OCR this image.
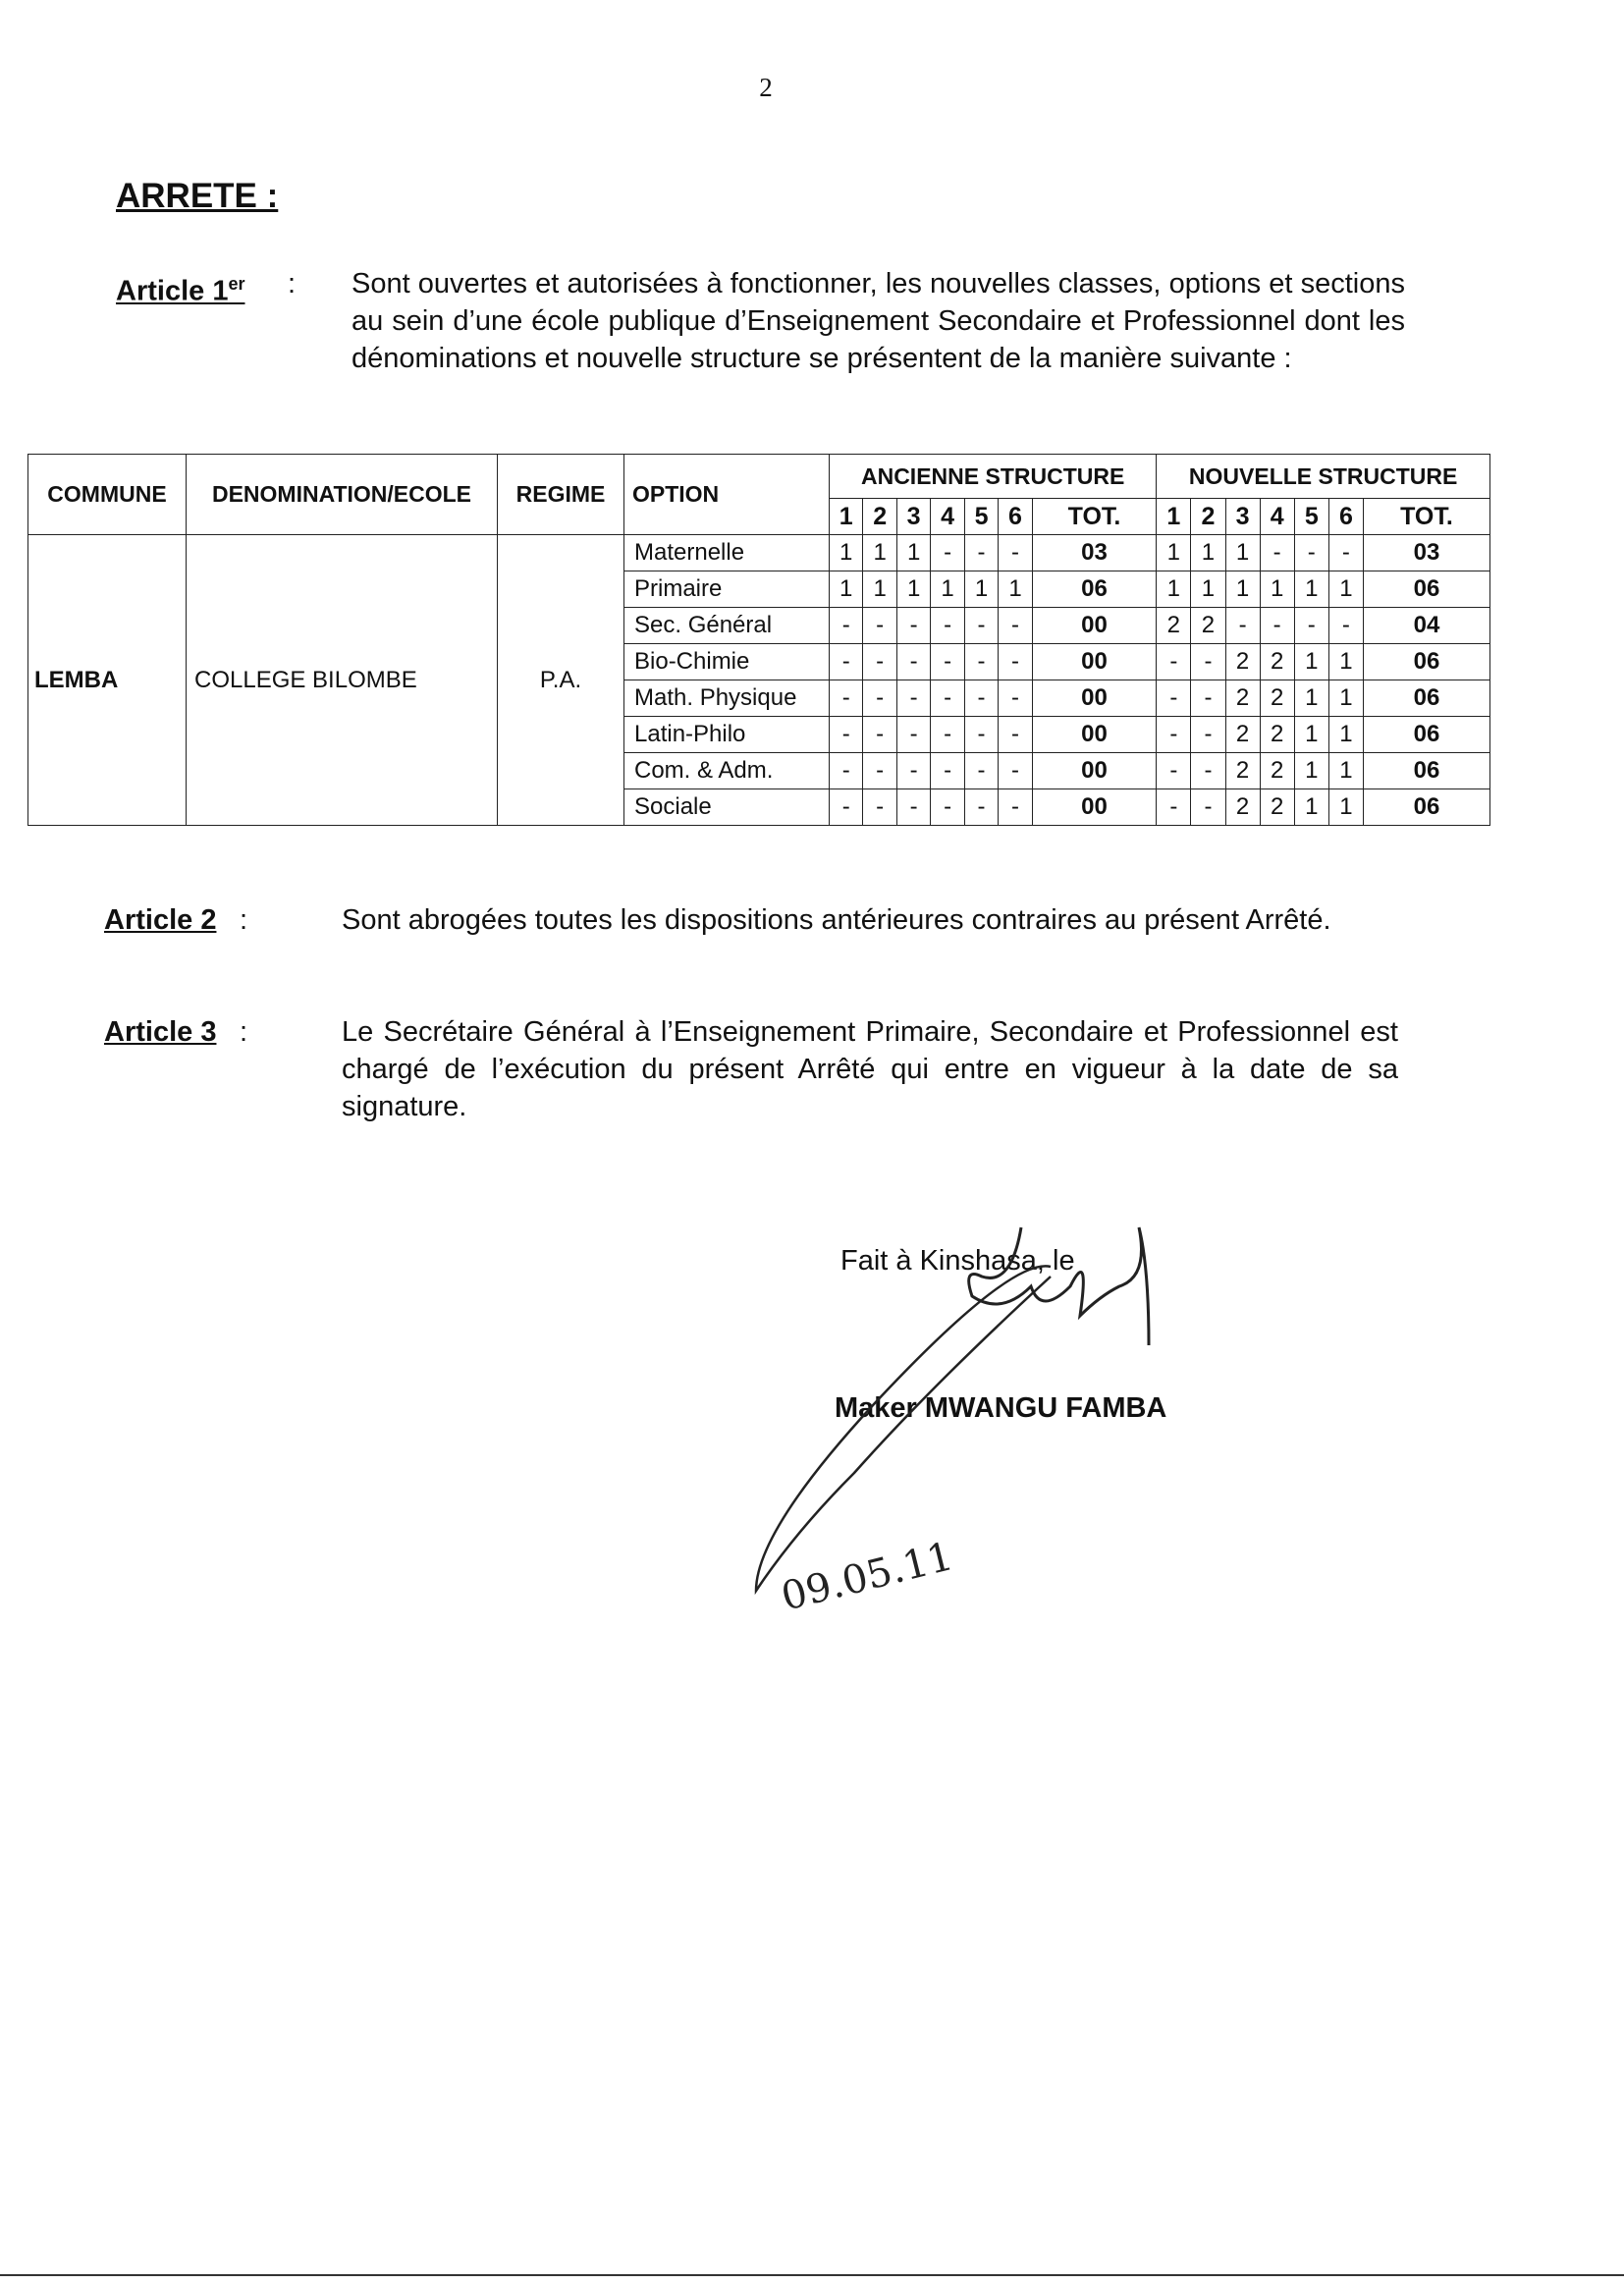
2
ARRETE :
Article 1er : Sont ouvertes et autorisées à fonctionner, les nouvelles classes, options et sections au sein d’une école publique d’Enseignement Secondaire et Professionnel dont les dénominations et nouvelle structure se présentent de la manière suivante :
COMMUNE	DENOMINATION/ECOLE	REGIME	OPTION	ANCIENNE STRUCTURE							NOUVELLE STRUCTURE						
				1	2	3	4	5	6	TOT.	1	2	3	4	5	6	TOT.
LEMBA	COLLEGE BILOMBE	P.A.	Maternelle	1	1	1	-	-	-	03	1	1	1	-	-	-	03
			Primaire	1	1	1	1	1	1	06	1	1	1	1	1	1	06
			Sec. Général	-	-	-	-	-	-	00	2	2	-	-	-	-	04
			Bio-Chimie	-	-	-	-	-	-	00	-	-	2	2	1	1	06
			Math. Physique	-	-	-	-	-	-	00	-	-	2	2	1	1	06
			Latin-Philo	-	-	-	-	-	-	00	-	-	2	2	1	1	06
			Com. & Adm.	-	-	-	-	-	-	00	-	-	2	2	1	1	06
			Sociale	-	-	-	-	-	-	00	-	-	2	2	1	1	06
Article 2 :	Sont abrogées toutes les dispositions antérieures contraires au présent Arrêté.
Article 3 :	Le Secrétaire Général à l’Enseignement Primaire, Secondaire et Professionnel est chargé de l’exécution du présent Arrêté qui entre en vigueur à la date de sa signature.
Fait à Kinshasa, le
Maker MWANGU FAMBA
09.05.11
